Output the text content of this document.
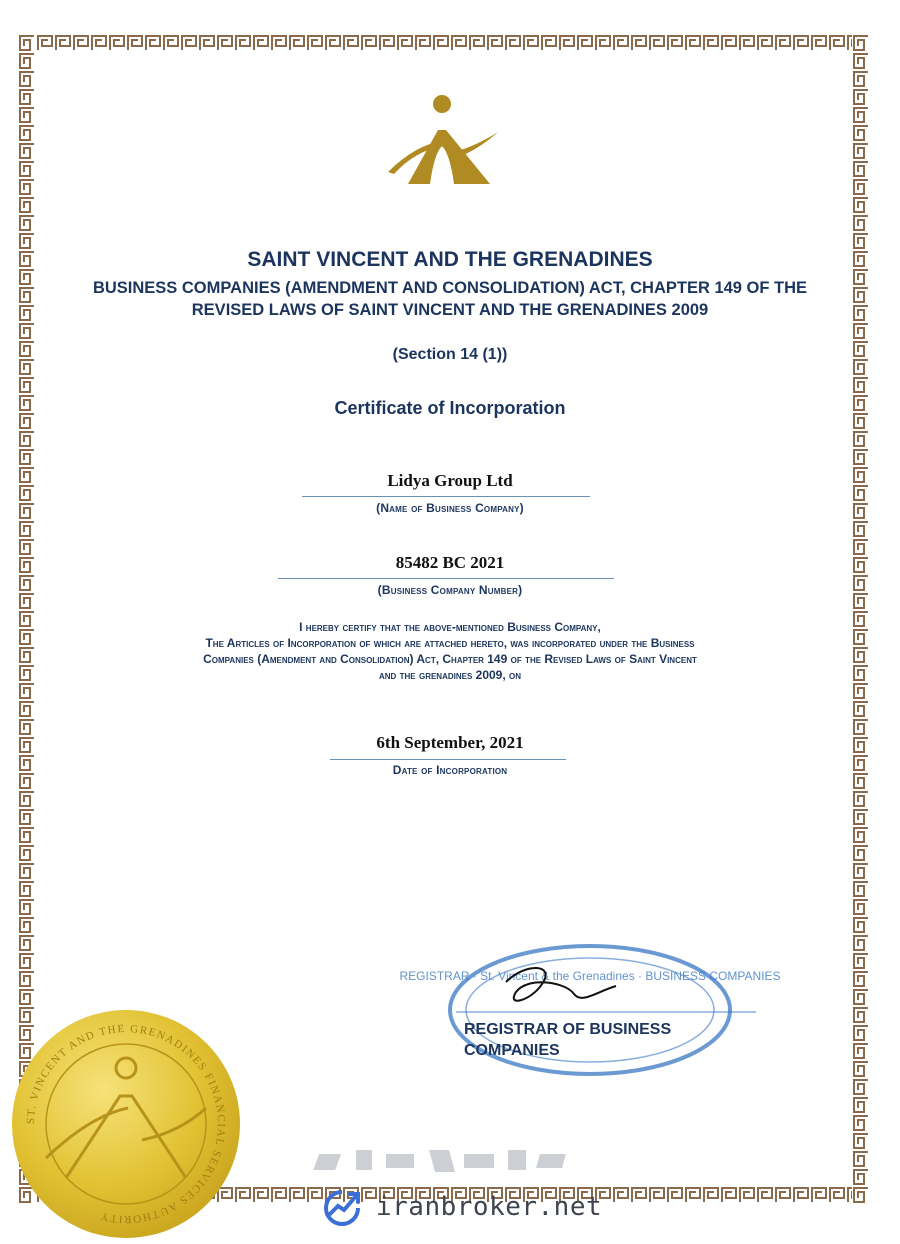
SAINT VINCENT AND THE GRENADINES
BUSINESS COMPANIES (AMENDMENT AND CONSOLIDATION) ACT, CHAPTER 149 OF THE
REVISED LAWS OF SAINT VINCENT AND THE GRENADINES 2009
(Section 14 (1))
Certificate of Incorporation
Lidya Group Ltd
(Name of Business Company)
85482 BC 2021
(Business Company Number)
I hereby certify that the above-mentioned Business Company,
The Articles of Incorporation of which are attached hereto, was incorporated under the Business
Companies (Amendment and Consolidation) Act, Chapter 149 of the Revised Laws of Saint Vincent
and the grenadines 2009, on
6th September, 2021
Date of Incorporation
REGISTRAR · St. Vincent & the Grenadines · BUSINESS COMPANIES
REGISTRAR OF BUSINESS
COMPANIES
ST. VINCENT AND THE GRENADINES FINANCIAL SERVICES AUTHORITY	iranbroker.net
